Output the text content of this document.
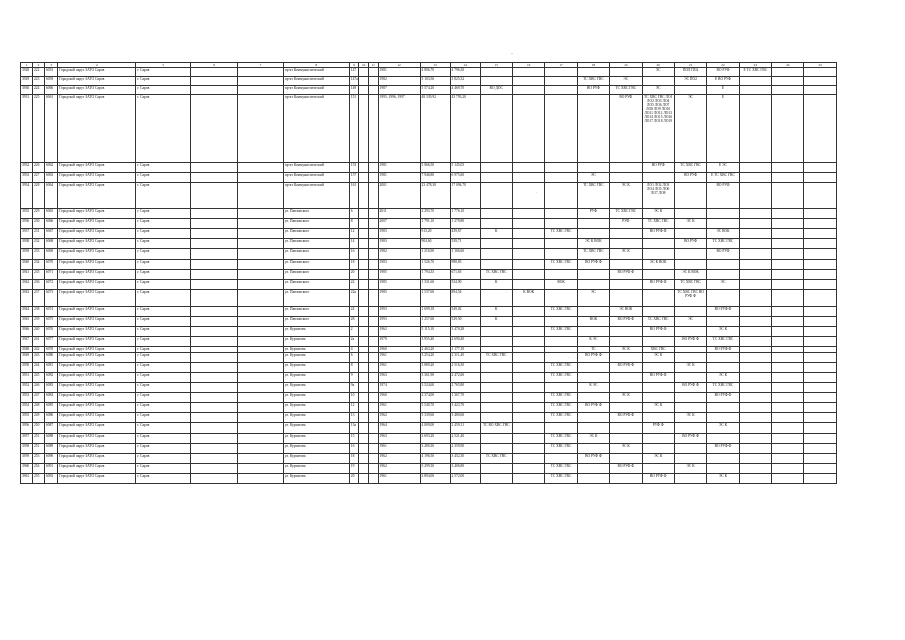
–
·
·
·
1	2	3	4	5	6	7	8	9	10	11	12	13	14	15	16	17	18	19	20	21	22	23	24	25
3928	222	6053	Городской округ ЗАТО Саров	г. Саров			пр-кт Коммунистический	147			1981	4 806,70	4 796,30						ЭС	ПОЛ ПО2	ВО РУФ	Е ТС ХВС ГВС		
3929	223	6059	Городской округ ЗАТО Саров	г. Саров			пр-кт Коммунистический	147а			1982	5 103,56	3 825,32				ТС ХВС ГВС	ЭС		ЭС ПО2	Е ВО РУФ			
3930	224	6066	Городской округ ЗАТО Саров	г. Саров			пр-кт Коммунистический	149			1987	5 574,20	4 469,70	ВО ДОС			ВО РУФ	ТС ХВС ГВС	ЭС		Е			
3931	225	6061	Городской округ ЗАТО Саров	г. Саров			пр-кт Коммунистический	151			1995, 1996, 1997	48 339,92	43 793,20					ВО РУФ	ТС ХВС ГВС ЛО1 ЛО2 ЛО3 ЛО4 ЛО5 ЛО6 ЛО7 ЛО8 ЛО9 ЛО10 ЛО11 ЛО12 ЛО13 ЛО14 ЛО15 ЛО16 ЛО17 ЛО18 ЛО19	ЭС	Е			
3932	226	6062	Городской округ ЗАТО Саров	г. Саров			пр-кт Коммунистический	153			1981	5 966,50	5 145,05						ВО РУФ	ТС ХВС ГВС	Е ЭС			
3933	227	6063	Городской округ ЗАТО Саров	г. Саров			пр-кт Коммунистический	157			1981	7 946,80	6 975,60				ЭС			ВО РУФ	Е ТС ХВС ГВС			
3934	228	6064	Городской округ ЗАТО Саров	г. Саров			пр-кт Коммунистический	161			2001	23 478,30	17 094,70				ТС ХВС ГВС	ЭС К	ЛО1 ЛО2 ЛО3 ЛО4 ЛО5 ЛО6 ЛО7 ЛО8		ВО РУФ			
3935	229	6065	Городской округ ЗАТО Саров	г. Саров			ул. Павловского	6			2011	2 293,70	1 776,10				РУФ	ТС ХВС ГВС	ЭС К					
3936	230	6066	Городской округ ЗАТО Саров	г. Саров			ул. Павловского	8			2007	1 791,10	1 279,80					РУФ	ТС ХВС ГВС	ЭС К				
3937	231	6067	Городской округ ЗАТО Саров	г. Саров			ул. Павловского	12			1983	913,20	439,67	К		ТС ХВС ГВС			ВО РУФ Ф		ЭС ВОК			
3938	232	6068	Городской округ ЗАТО Саров	г. Саров			ул. Павловского	14			1983	904,60	539,71				ЭС К ВОК			ВО РУФ	ТС ХВС ГВС			
3939	233	6069	Городской округ ЗАТО Саров	г. Саров			ул. Павловского	16			1982	1 216,90	1 166,60				ТС ХВС ГВС	ЭС К			ВО РУФ			
3940	234	6070	Городской округ ЗАТО Саров	г. Саров			ул. Павловского	18			1983	1 526,70	988,83			ТС ХВС ГВС	ВО РУФ Ф		ЭС К ВОК					
3941	235	6071	Городской округ ЗАТО Саров	г. Саров			ул. Павловского	20			1985	1 794,35	671,65	ТС ХВС ГВС				ВО РУФ Ф		ЭС К ВОК				
3942	236	6072	Городской округ ЗАТО Саров	г. Саров			ул. Павловского	22			1985	1 331,60	534,90	К		ВОК			ВО РУФ Ф	ТС ХВС ГВС	ЭС			
3943	237	6073	Городской округ ЗАТО Саров	г. Саров			ул. Павловского	22а			1985	1 537,60	894,54		К ВОК		ЭС			ТС ХВС ГВС ВО РУФ Ф				
3944	238	6074	Городской округ ЗАТО Саров	г. Саров			ул. Павловского	24			1993	1 699,18	549,02	К		ТС ХВС ГВС		ЭС ВОК			ВО РУФ Ф			
3945	239	6075	Городской округ ЗАТО Саров	г. Саров			ул. Павловского	28			1993	1 257,60	529,50	К			ВОК	ВО РУФ Ф	ТС ХВС ГВС	ЭС				
3946	240	6076	Городской округ ЗАТО Саров	г. Саров			ул. Курчатова	2			1962	5 115,10	3 470,28			ТС ХВС ГВС			ВО РУФ Ф		ЭС К			
3947	241	6077	Городской округ ЗАТО Саров	г. Саров			ул. Курчатова	2а			1979	3 955,40	2 690,40				К ЭС			ВО РУФ Ф	ТС ХВС ГВС			
3948	242	6078	Городской округ ЗАТО Саров	г. Саров			ул. Курчатова	4			1960	2 463,20	1 177,10				ТС	ЭС К	ХВС ГВС		ВО РУФ Ф			
3949	243	6080	Городской округ ЗАТО Саров	г. Саров			ул. Курчатова	6			1961	3 254,20	2 311,40	ТС ХВС ГВС			ВО РУФ Ф		ЭС К					
3950	244	6081	Городской округ ЗАТО Саров	г. Саров			ул. Курчатова	8			1961	3 889,20	2 516,30			ТС ХВС ГВС		ВО РУФ Ф		ЭС К				
3951	245	6082	Городской округ ЗАТО Саров	г. Саров			ул. Курчатова	9			1963	3 361,90	2 472,60			ТС ХВС ГВС			ВО РУФ Ф		ЭС К			
3952	246	6083	Городской округ ЗАТО Саров	г. Саров			ул. Курчатова	9а			1974	3 524,60	2 765,80				К ЭС			ВО РУФ Ф	ТС ХВС ГВС			
3953	247	6084	Городской округ ЗАТО Саров	г. Саров			ул. Курчатова	10			1960	2 374,00	1 367,70			ТС ХВС ГВС		ЭС К			ВО РУФ Ф			
3954	248	6085	Городской округ ЗАТО Саров	г. Саров			ул. Курчатова	12			1961	5 540,70	3 423,70			ТС ХВС ГВС	ВО РУФ Ф		ЭС К					
3955	249	6086	Городской округ ЗАТО Саров	г. Саров			ул. Курчатова	13			1962	5 339,60	3 480,60			ТС ХВС ГВС		ВО РУФ Ф		ЭС К				
3956	250	6087	Городской округ ЗАТО Саров	г. Саров			ул. Курчатова	13а			1964	4 009,00	2 459,11	ТС ВО ХВС ГВС					РУФ Ф		ЭС К			
3957	251	6088	Городской округ ЗАТО Саров	г. Саров			ул. Курчатова	15			1963	3 693,20	2 521,40			ТС ХВС ГВС	ЭС К			ВО РУФ Ф				
3958	251	6089	Городской округ ЗАТО Саров	г. Саров			ул. Курчатова	16			1961	3 280,30	2 359,90			ТС ХВС ГВС		ЭС К			ВО РУФ Ф			
3959	253	6090	Городской округ ЗАТО Саров	г. Саров			ул. Курчатова	18			1962	4 196,50	3 452,30	ТС ХВС ГВС			ВО РУФ Ф		ЭС К					
3960	254	6091	Городской округ ЗАТО Саров	г. Саров			ул. Курчатова	19			1962	5 299,30	3 406,80			ТС ХВС ГВС		ВО РУФ Ф		ЭС К				
3961	255	6092	Городской округ ЗАТО Саров	г. Саров			ул. Курчатова	20			1961	3 894,00	2 572,00			ТС ХВС ГВС			ВО РУФ Ф		ЭС К			
